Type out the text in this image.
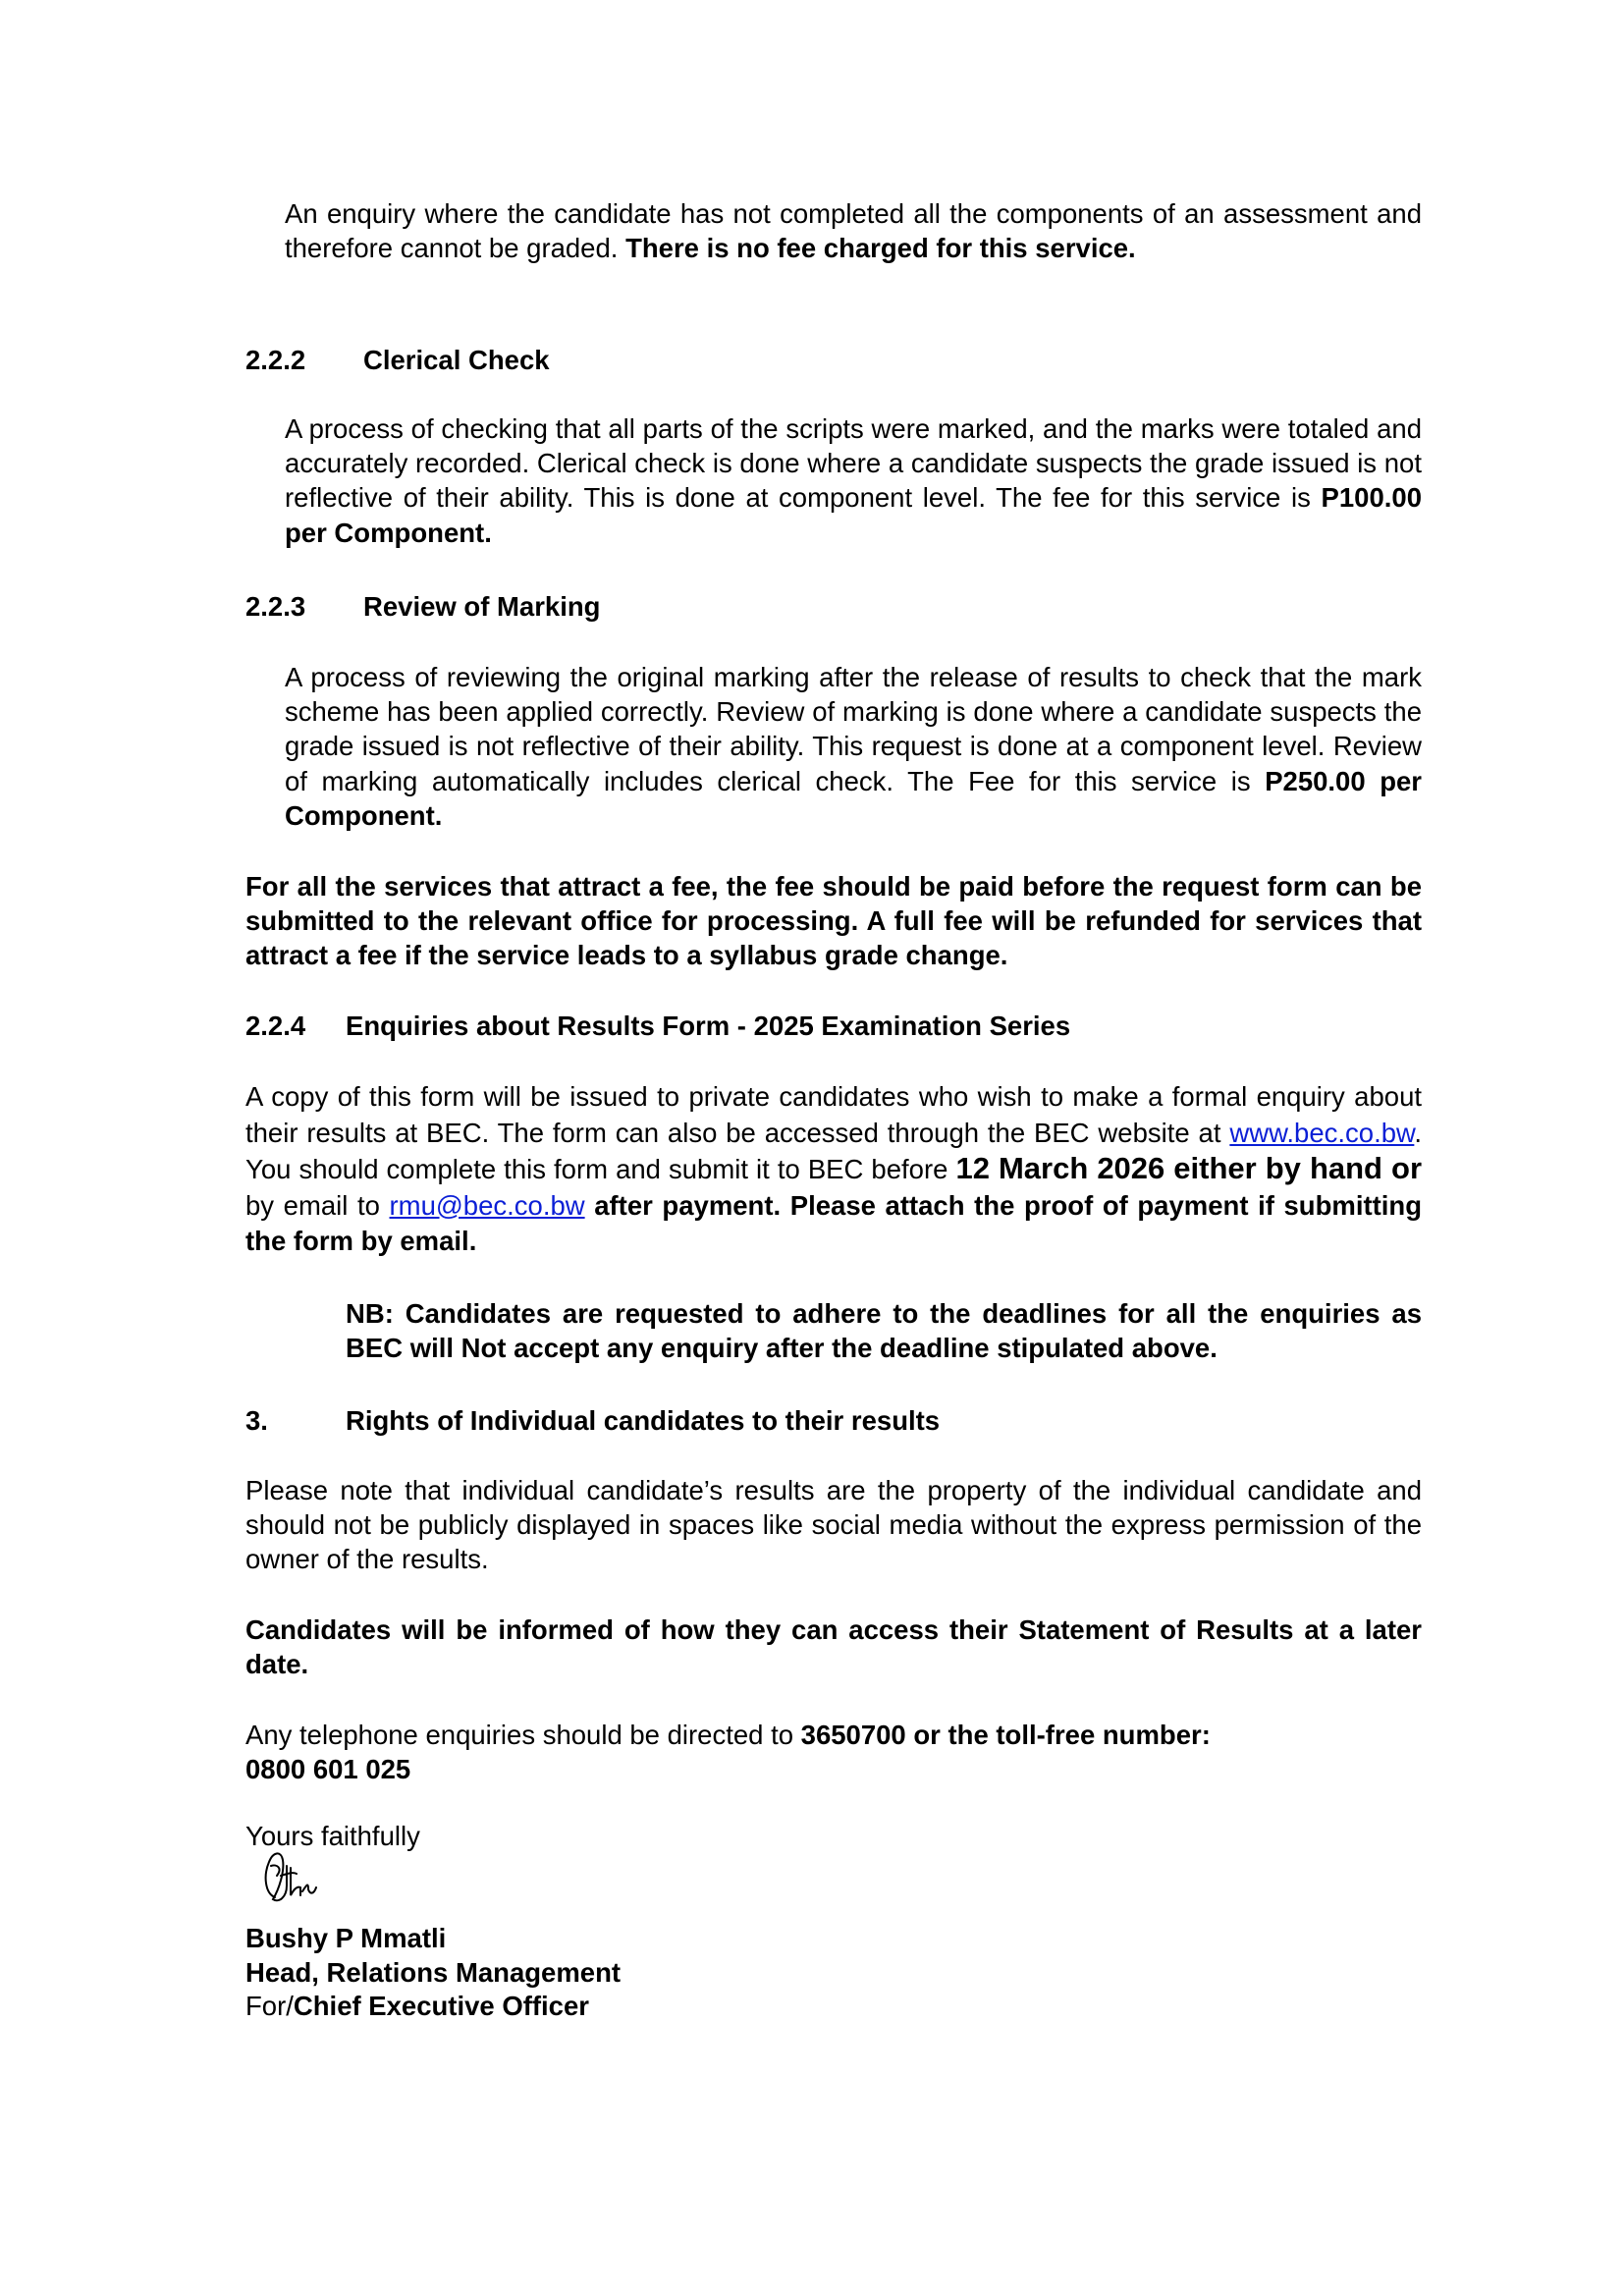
An enquiry where the candidate has not completed all the components of an assessment and therefore cannot be graded. There is no fee charged for this service.
2.2.2 Clerical Check
A process of checking that all parts of the scripts were marked, and the marks were totaled and accurately recorded. Clerical check is done where a candidate suspects the grade issued is not reflective of their ability. This is done at component level. The fee for this service is P100.00 per Component.
2.2.3 Review of Marking
A process of reviewing the original marking after the release of results to check that the mark scheme has been applied correctly. Review of marking is done where a candidate suspects the grade issued is not reflective of their ability. This request is done at a component level. Review of marking automatically includes clerical check. The Fee for this service is P250.00 per Component.
For all the services that attract a fee, the fee should be paid before the request form can be submitted to the relevant office for processing. A full fee will be refunded for services that attract a fee if the service leads to a syllabus grade change.
2.2.4 Enquiries about Results Form - 2025 Examination Series
A copy of this form will be issued to private candidates who wish to make a formal enquiry about their results at BEC. The form can also be accessed through the BEC website at www.bec.co.bw. You should complete this form and submit it to BEC before 12 March 2026 either by hand or by email to rmu@bec.co.bw after payment. Please attach the proof of payment if submitting the form by email.
NB: Candidates are requested to adhere to the deadlines for all the enquiries as BEC will Not accept any enquiry after the deadline stipulated above.
3.	Rights of Individual candidates to their results
Please note that individual candidate’s results are the property of the individual candidate and should not be publicly displayed in spaces like social media without the express permission of the owner of the results.
Candidates will be informed of how they can access their Statement of Results at a later date.
Any telephone enquiries should be directed to 3650700 or the toll-free number:
0800 601 025
Yours faithfully
Bushy P Mmatli
Head, Relations Management
For/Chief Executive Officer
